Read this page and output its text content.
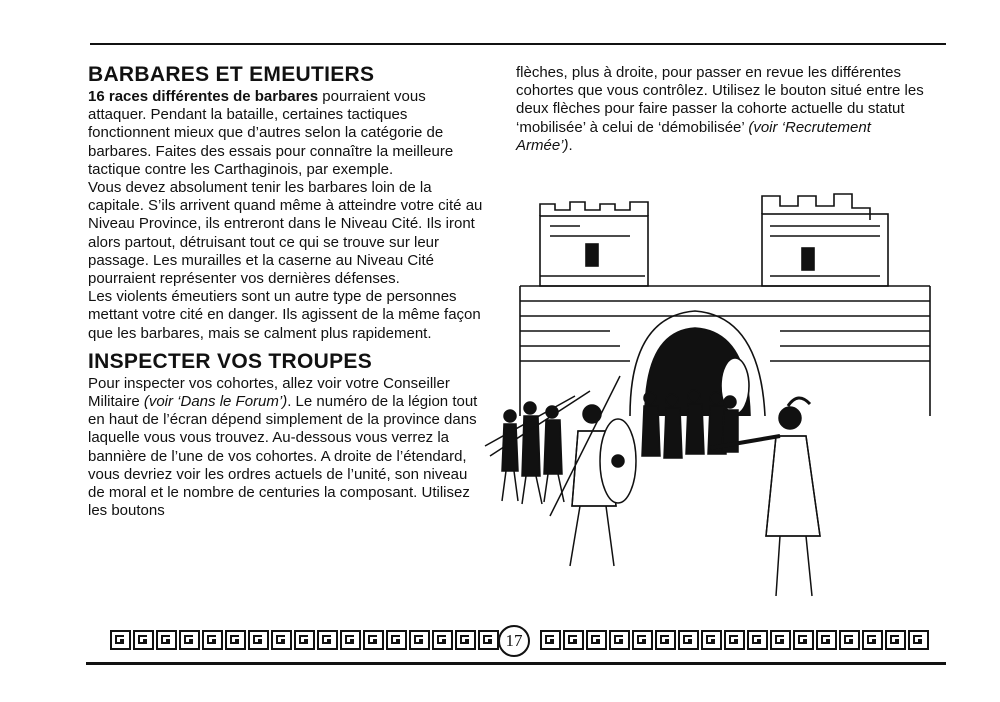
BARBARES ET EMEUTIERS

16 races différentes de barbares pourraient vous attaquer. Pendant la bataille, certaines tactiques fonctionnent mieux que d’autres selon la catégorie de barbares. Faites des essais pour connaître la meilleure tactique contre les Carthaginois, par exemple.

Vous devez absolument tenir les barbares loin de la capitale. S’ils arrivent quand même à atteindre votre cité au Niveau Province, ils entreront dans le Niveau Cité. Ils iront alors partout, détruisant tout ce qui se trouve sur leur passage. Les murailles et la caserne au Niveau Cité pourraient représenter vos dernières défenses.

Les violents émeutiers sont un autre type de personnes mettant votre cité en danger. Ils agissent de la même façon que les barbares, mais se calment plus rapidement.

INSPECTER VOS TROUPES

Pour inspecter vos cohortes, allez voir votre Conseiller Militaire (voir ‘Dans le Forum’). Le numéro de la légion tout en haut de l’écran dépend simplement de la province dans laquelle vous vous trouvez. Au-dessous vous verrez la bannière de l’une de vos cohortes. A droite de l’étendard, vous devriez voir les ordres actuels de l’unité, son niveau de moral et le nombre de centuries la composant. Utilisez les boutons

flèches, plus à droite, pour passer en revue les différentes cohortes que vous contrôlez. Utilisez le bouton situé entre les deux flèches pour faire passer la cohorte actuelle du statut ‘mobilisée’ à celui de ‘démobilisée’ (voir ‘Recrutement Armée’).

17
